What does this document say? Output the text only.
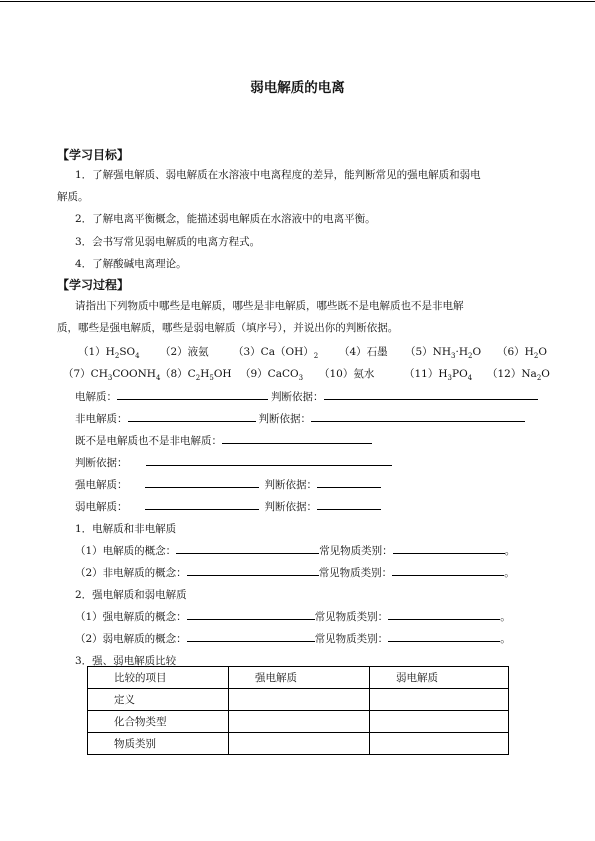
弱电解质的电离
【学习目标】
1．了解强电解质、弱电解质在水溶液中电离程度的差异，能判断常见的强电解质和弱电
解质。
2．了解电离平衡概念，能描述弱电解质在水溶液中的电离平衡。
3．会书写常见弱电解质的电离方程式。
4．了解酸碱电离理论。
【学习过程】
请指出下列物质中哪些是电解质，哪些是非电解质，哪些既不是电解质也不是非电解
质，哪些是强电解质，哪些是弱电解质（填序号），并说出你的判断依据。
$(1)H_2SO_4$ （2）液氨 $(3)Ca(OH)_2$ （4）石墨 $(5)NH_3\cdot H_2O$ $(6)H_2O$
$(7)CH_3COONH_4$ $(8)C_2H_5OH$ （9）CaCO$_3$ （10）氨水	$(11)H_3PO_4$ $(12)Na_2O$
电解质：	判断依据：
非电解质：	判断依据：
既不是电解质也不是非电解质：
判断依据：
强电解质：	判断依据：
弱电解质：	判断依据：
1．电解质和非电解质
（1）电解质的概念：	常见物质类别：	。
（2）非电解质的概念：	常见物质类别：	。
2．强电解质和弱电解质
（1）强电解质的概念：	常见物质类别：	。
（2）弱电解质的概念：	常见物质类别：	。
3．强、弱电解质比较
比较的项目	强电解质	弱电解质
定义		
化合物类型		
物质类别		
